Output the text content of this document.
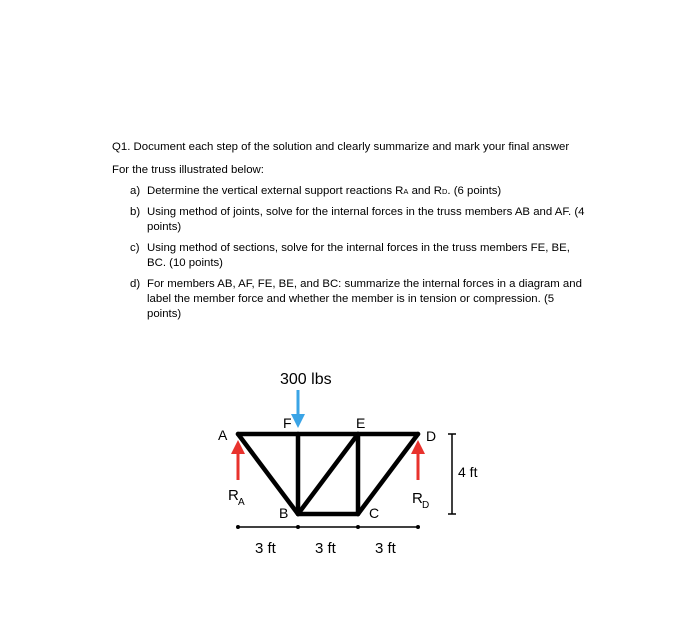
Q1. Document each step of the solution and clearly summarize and mark your final answer

For the truss illustrated below:

a) Determine the vertical external support reactions RA and RD. (6 points)
b) Using method of joints, solve for the internal forces in the truss members AB and AF. (4 points)
c) Using method of sections, solve for the internal forces in the truss members FE, BE, BC. (10 points)
d) For members AB, AF, FE, BE, and BC: summarize the internal forces in a diagram and label the member force and whether the member is in tension or compression. (5 points)
300 lbs
A
F	E
D
B	C
R A	R D
4 ft
3 ft	3 ft	3 ft
